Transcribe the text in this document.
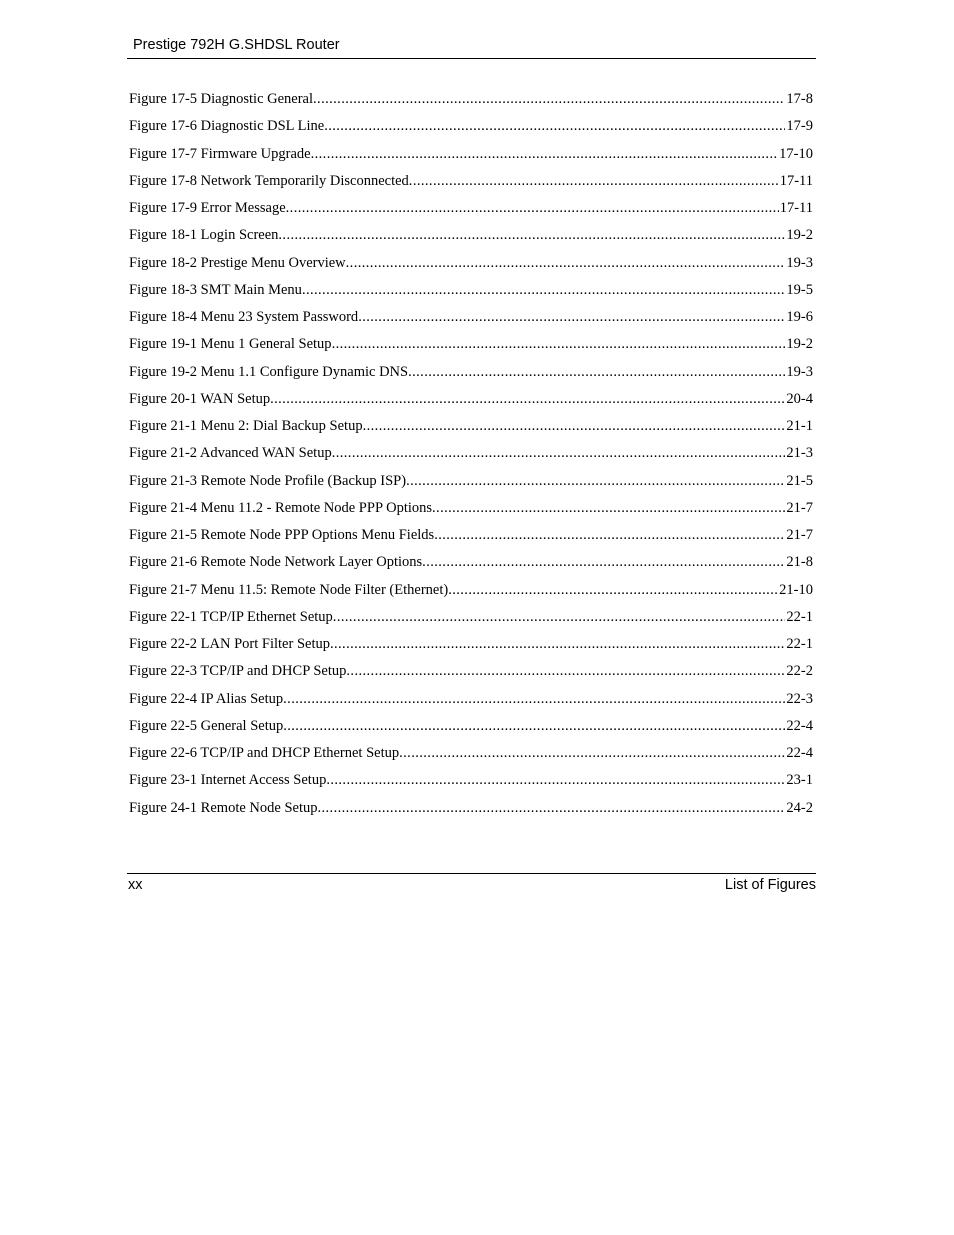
Prestige 792H G.SHDSL Router
Figure 17-5 Diagnostic General .....	17-8
Figure 17-6 Diagnostic DSL Line .....	17-9
Figure 17-7 Firmware Upgrade .....	17-10
Figure 17-8 Network Temporarily Disconnected .....	17-11
Figure 17-9 Error Message .....	17-11
Figure 18-1 Login Screen .....	19-2
Figure 18-2 Prestige Menu Overview .....	19-3
Figure 18-3 SMT Main Menu .....	19-5
Figure 18-4 Menu 23 System Password .....	19-6
Figure 19-1 Menu 1 General Setup .....	19-2
Figure 19-2 Menu 1.1 Configure Dynamic DNS .....	19-3
Figure 20-1 WAN Setup .....	20-4
Figure 21-1 Menu 2: Dial Backup Setup .....	21-1
Figure 21-2 Advanced WAN Setup .....	21-3
Figure 21-3 Remote Node Profile (Backup ISP) .....	21-5
Figure 21-4 Menu 11.2 - Remote Node PPP Options .....	21-7
Figure 21-5 Remote Node PPP Options Menu Fields .....	21-7
Figure 21-6 Remote Node Network Layer Options .....	21-8
Figure 21-7 Menu 11.5: Remote Node Filter (Ethernet) .....	21-10
Figure 22-1 TCP/IP Ethernet Setup .....	22-1
Figure 22-2 LAN Port Filter Setup .....	22-1
Figure 22-3 TCP/IP and DHCP Setup .....	22-2
Figure 22-4 IP Alias Setup .....	22-3
Figure 22-5 General Setup .....	22-4
Figure 22-6 TCP/IP and DHCP Ethernet Setup .....	22-4
Figure 23-1 Internet Access Setup .....	23-1
Figure 24-1 Remote Node Setup .....	24-2
xx	List of Figures
